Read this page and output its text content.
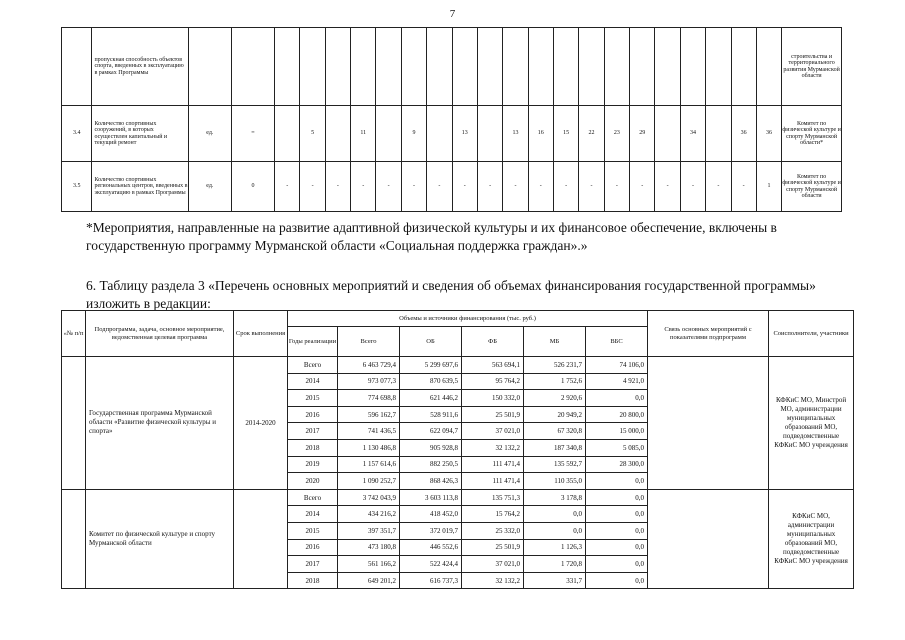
7
	пропускная способность объектов спорта, введенных в эксплуатацию в рамках Программы																							строительства и территориального развития Мурманской области
3.4	Количество спортивных сооружений, в которых осуществлен капитальный и текущий ремонт	ед.	=		5		11		9		13		13	16	15	22	23	29		34		36	36	Комитет по физической культуре и спорту Мурманской области*
3.5	Количество спортивных региональных центров, введенных в эксплуатацию в рамках Программы	ед.	0	-	-	-	-	-	-	-	-	-	-	-	-	-	-	-	-	-	-	-	1	Комитет по физической культуре и спорту Мурманской области

*Мероприятия, направленные на развитие адаптивной физической культуры и их финансовое обеспечение, включены в государственную программу Мурманской области «Социальная поддержка граждан».»

6. Таблицу раздела 3 «Перечень основных мероприятий и сведения об объемах финансирования государственной программы» изложить в редакции:

«№ п/п	Подпрограмма, задача, основное мероприятие, ведомственная целевая программа	Срок выполнения	Объемы и источники финансирования (тыс. руб.)						Связь основных мероприятий с показателями подпрограмм	Соисполнители, участники
			Годы реализации	Всего	ОБ	ФБ	МБ	ВБС		
	Государственная программа Мурманской области «Развитие физической культуры и спорта»	2014-2020	Всего	6 463 729,4	5 299 697,6	563 694,1	526 231,7	74 106,0		КФКиС МО, Минстрой МО, администрации муниципальных образований МО, подведомственные КФКиС МО учреждения
			2014	973 077,3	870 639,5	95 764,2	1 752,6	4 921,0		
			2015	774 698,8	621 446,2	150 332,0	2 920,6	0,0		
			2016	596 162,7	528 911,6	25 501,9	20 949,2	20 800,0		
			2017	741 436,5	622 094,7	37 021,0	67 320,8	15 000,0		
			2018	1 130 486,8	905 928,8	32 132,2	187 340,8	5 085,0		
			2019	1 157 614,6	882 250,5	111 471,4	135 592,7	28 300,0		
			2020	1 090 252,7	868 426,3	111 471,4	110 355,0	0,0		
	Комитет по физической культуре и спорту Мурманской области		Всего	3 742 043,9	3 603 113,8	135 751,3	3 178,8	0,0		КФКиС МО, администрации муниципальных образований МО, подведомственные КФКиС МО учреждения
			2014	434 216,2	418 452,0	15 764,2	0,0	0,0		
			2015	397 351,7	372 019,7	25 332,0	0,0	0,0		
			2016	473 180,8	446 552,6	25 501,9	1 126,3	0,0		
			2017	561 166,2	522 424,4	37 021,0	1 720,8	0,0		
			2018	649 201,2	616 737,3	32 132,2	331,7	0,0		
